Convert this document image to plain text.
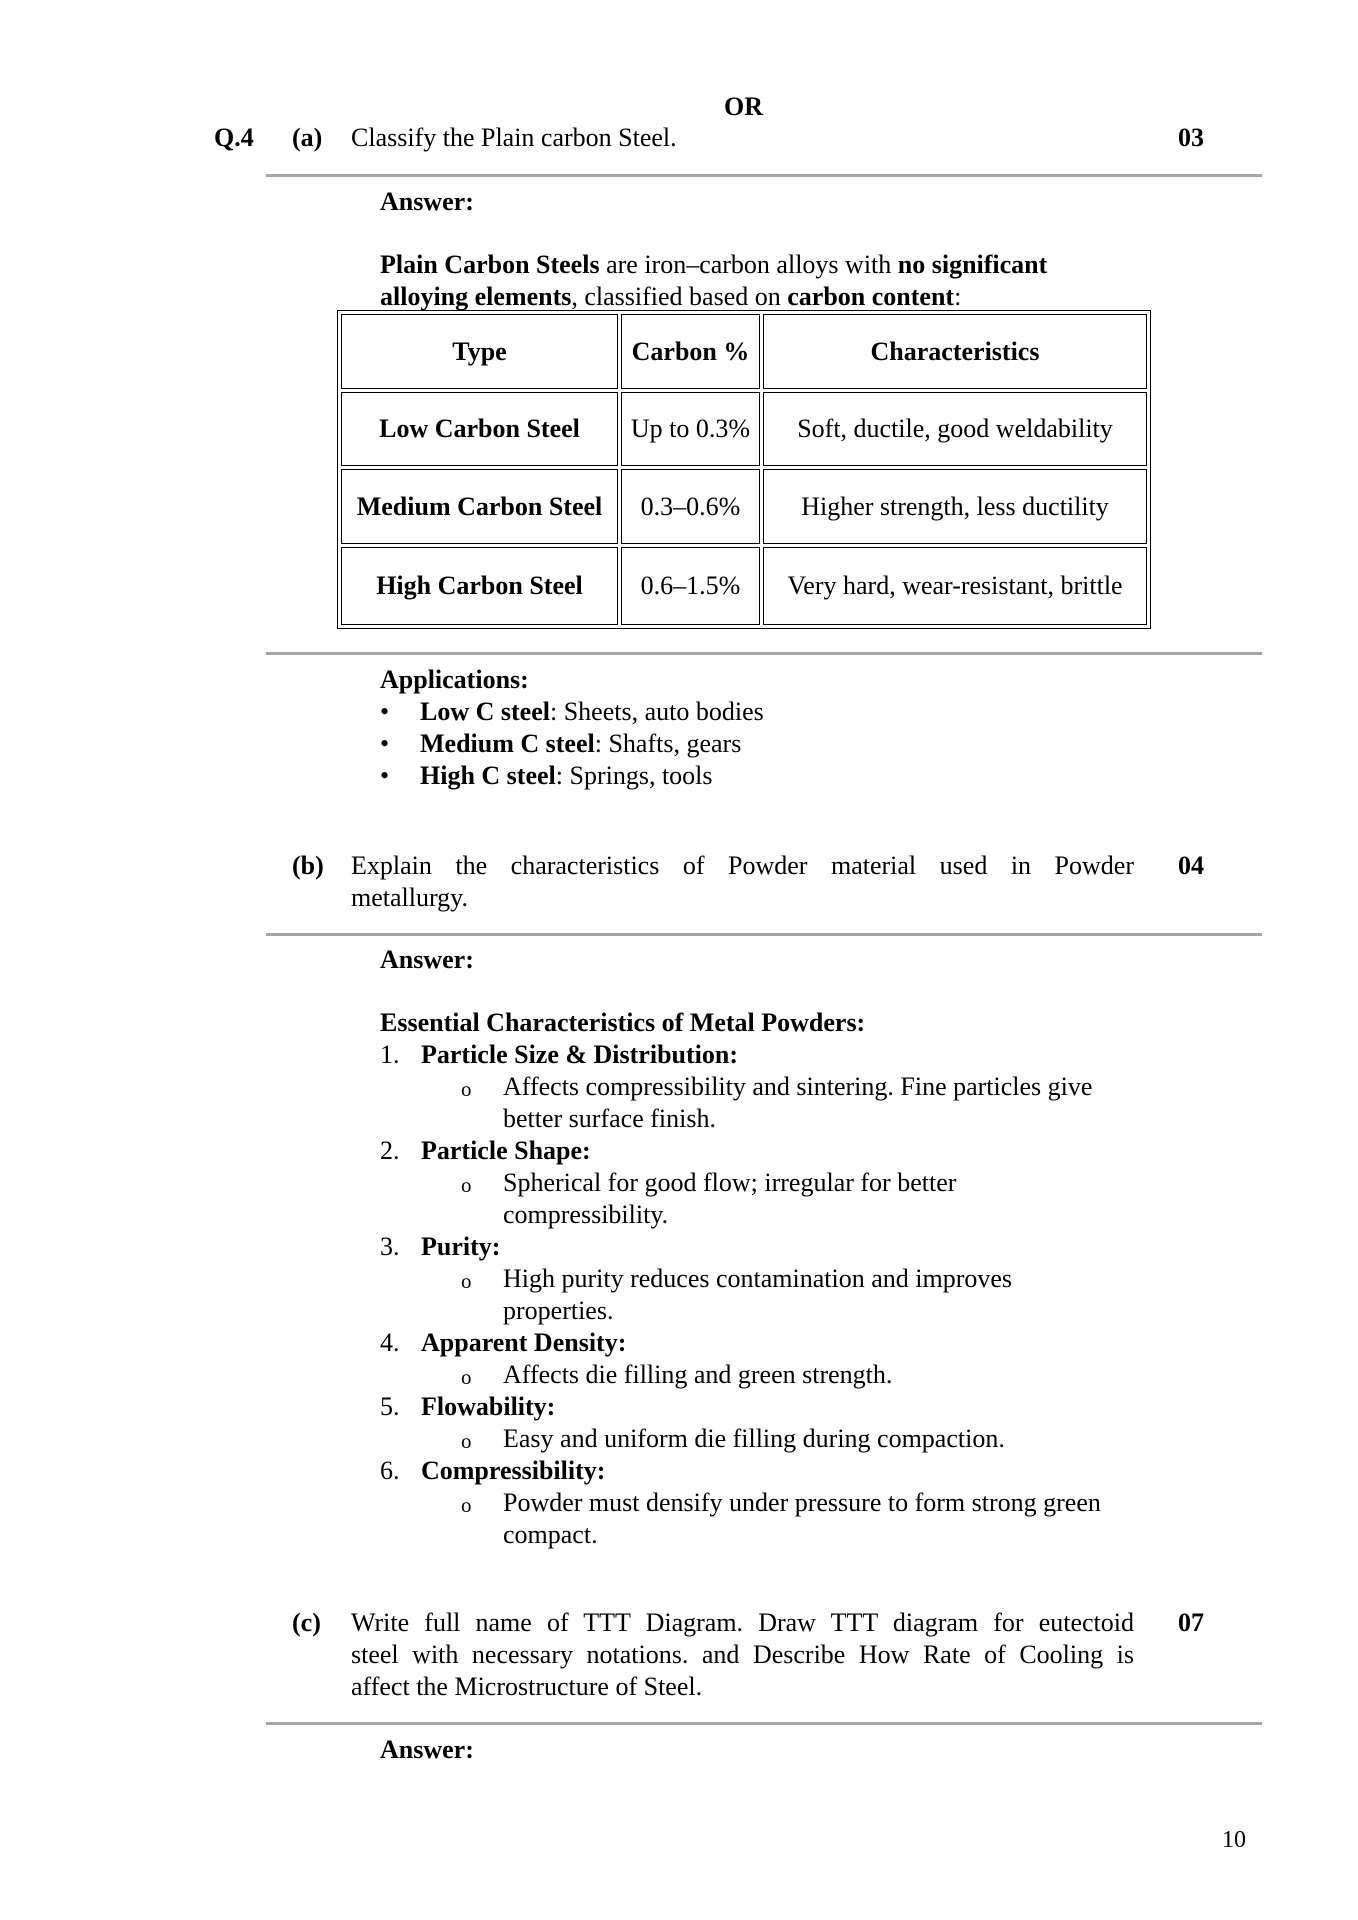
OR
Q.4 (a) Classify the Plain carbon Steel.	03
Answer:
Plain Carbon Steels are iron–carbon alloys with no significant
alloying elements, classified based on carbon content:
Type	Carbon %	Characteristics
Low Carbon Steel	Up to 0.3%	Soft, ductile, good weldability
Medium Carbon Steel	0.3–0.6%	Higher strength, less ductility
High Carbon Steel	0.6–1.5%	Very hard, wear-resistant, brittle
Applications:
• Low C steel: Sheets, auto bodies
• Medium C steel: Shafts, gears
• High C steel: Springs, tools
(b) Explain the characteristics of Powder material used in Powder
metallurgy.
04
Answer:
Essential Characteristics of Metal Powders:
1. Particle Size & Distribution:
o Affects compressibility and sintering. Fine particles give
better surface finish.
2. Particle Shape:
o Spherical for good flow; irregular for better
compressibility.
3. Purity:
o High purity reduces contamination and improves
properties.
4. Apparent Density:
o Affects die filling and green strength.
5. Flowability:
o Easy and uniform die filling during compaction.
6. Compressibility:
o Powder must densify under pressure to form strong green
compact.
(c) Write full name of TTT Diagram. Draw TTT diagram for eutectoid
steel with necessary notations. and Describe How Rate of Cooling is
affect the Microstructure of Steel.
07
Answer:
10
